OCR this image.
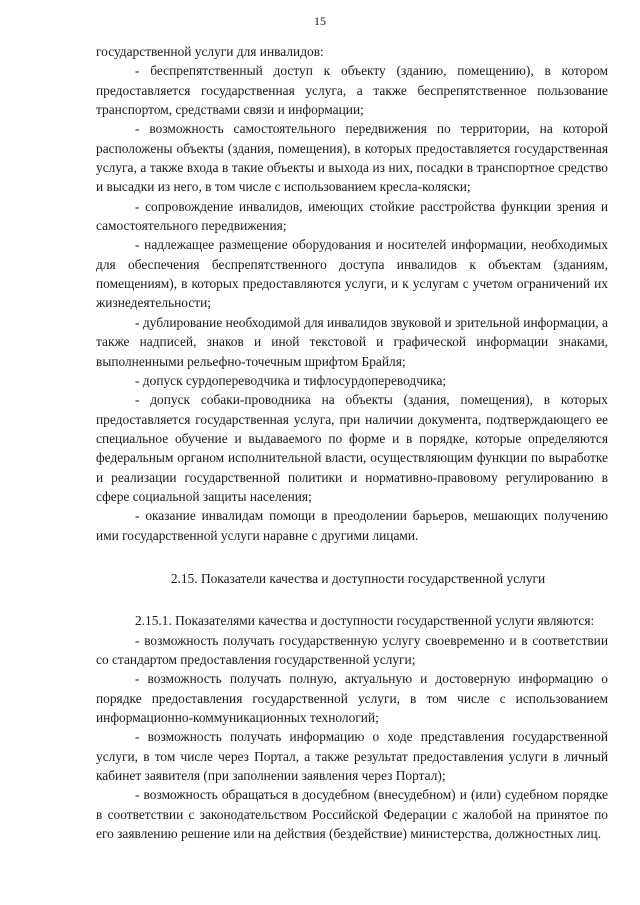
15
государственной услуги для инвалидов:
- беспрепятственный доступ к объекту (зданию, помещению), в котором предоставляется государственная услуга, а также беспрепятственное пользование транспортом, средствами связи и информации;
- возможность самостоятельного передвижения по территории, на которой расположены объекты (здания, помещения), в которых предоставляется государственная услуга, а также входа в такие объекты и выхода из них, посадки в транспортное средство и высадки из него, в том числе с использованием кресла-коляски;
- сопровождение инвалидов, имеющих стойкие расстройства функции зрения и самостоятельного передвижения;
- надлежащее размещение оборудования и носителей информации, необходимых для обеспечения беспрепятственного доступа инвалидов к объектам (зданиям, помещениям), в которых предоставляются услуги, и к услугам с учетом ограничений их жизнедеятельности;
- дублирование необходимой для инвалидов звуковой и зрительной информации, а также надписей, знаков и иной текстовой и графической информации знаками, выполненными рельефно-точечным шрифтом Брайля;
- допуск сурдопереводчика и тифлосурдопереводчика;
- допуск собаки-проводника на объекты (здания, помещения), в которых предоставляется государственная услуга, при наличии документа, подтверждающего ее специальное обучение и выдаваемого по форме и в порядке, которые определяются федеральным органом исполнительной власти, осуществляющим функции по выработке и реализации государственной политики и нормативно-правовому регулированию в сфере социальной защиты населения;
- оказание инвалидам помощи в преодолении барьеров, мешающих получению ими государственной услуги наравне с другими лицами.
2.15. Показатели качества и доступности государственной услуги
2.15.1. Показателями качества и доступности государственной услуги являются:
- возможность получать государственную услугу своевременно и в соответствии со стандартом предоставления государственной услуги;
- возможность получать полную, актуальную и достоверную информацию о порядке предоставления государственной услуги, в том числе с использованием информационно-коммуникационных технологий;
- возможность получать информацию о ходе представления государственной услуги, в том числе через Портал, а также результат предоставления услуги в личный кабинет заявителя (при заполнении заявления через Портал);
- возможность обращаться в досудебном (внесудебном) и (или) судебном порядке в соответствии с законодательством Российской Федерации с жалобой на принятое по его заявлению решение или на действия (бездействие) министерства, должностных лиц.
